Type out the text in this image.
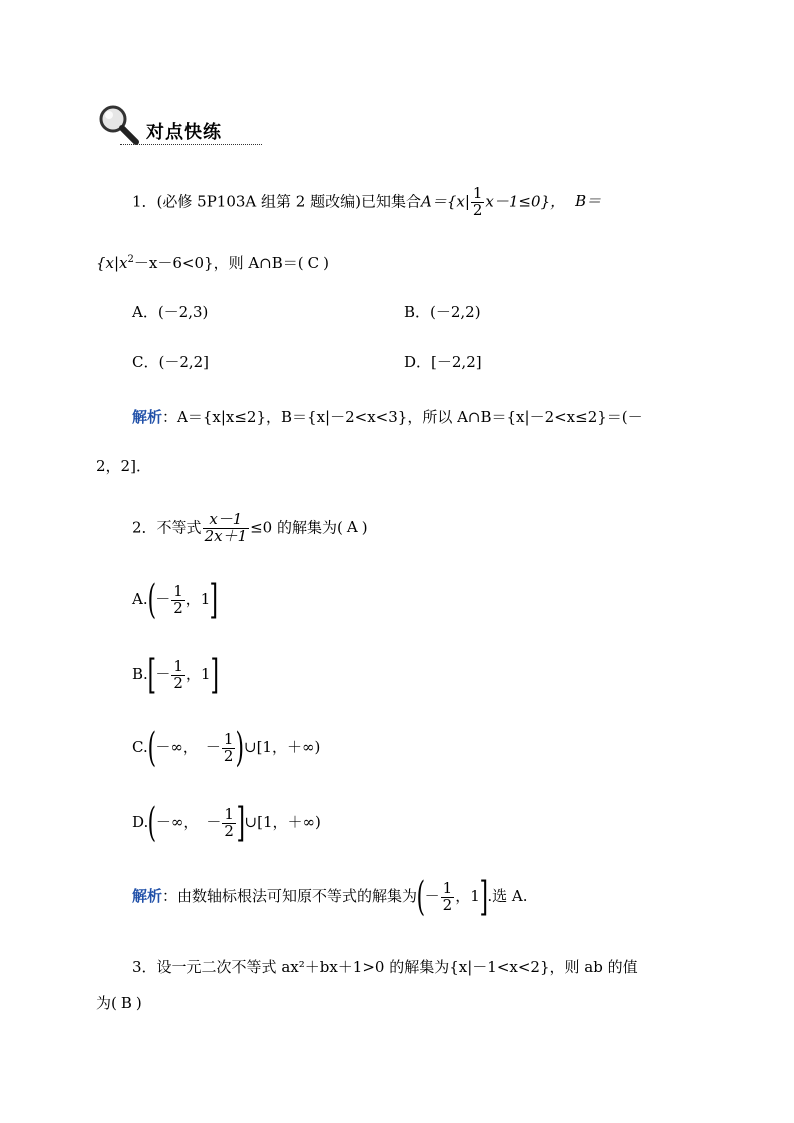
对点快练
1．(必修 5P103A 组第 2 题改编)已知集合$A=\{x| \frac{1}{2} x-1\le 0\}$， B＝
$\{x|x^2-x-6<0\}$，则 A∩B＝( C )
A．(－2,3)	B．(－2,2)
C．(－2,2]	D．[－2,2]
解析：A＝{x|x≤2}，B＝{x|－2<x<3}，所以 A∩B＝{x|－2<x≤2}＝(－
2，2]．
2．不等式 $\frac{x-1}{2x+1} \le 0$ 的解集为( A )
$A.(- \frac{1}{2}$ ，1]
$B.[- \frac{1}{2}$ ，1]
C.(－∞， － $\frac{1}{2}$ )∪[1，＋∞)
D.(－∞， － $\frac{1}{2}$ ]∪[1，＋∞)
解析：由数轴标根法可知原不等式的解集为(－ $\frac{1}{2}$ ，1].选 A.
3．设一元二次不等式 ax²＋bx＋1>0 的解集为{x|－1<x<2}，则 ab 的值
为( B )
